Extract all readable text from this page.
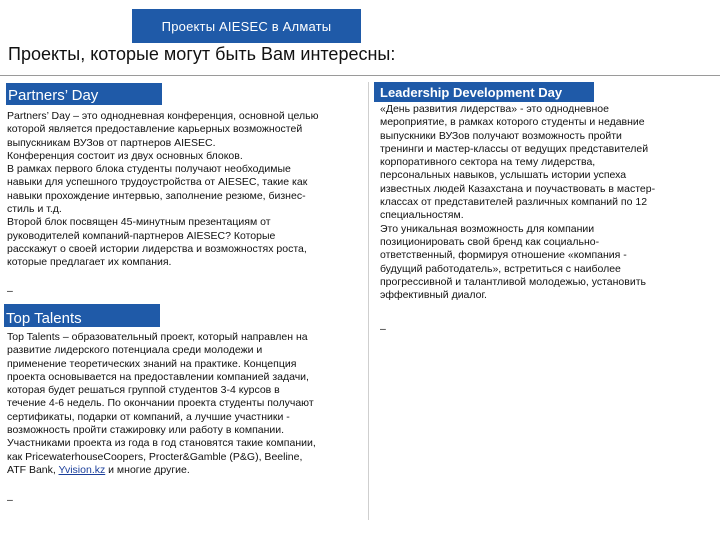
Проекты AIESEC в Алматы
Проекты, которые могут быть Вам интересны:
Partners’ Day
Partners’ Day – это однодневная конференция, основной целью
которой является предоставление карьерных возможностей
выпускникам ВУЗов от партнеров AIESEC.
Конференция состоит из двух основных блоков.
В рамках первого блока студенты получают необходимые
навыки для успешного трудоустройства от AIESEC, такие как
навыки прохождение интервью, заполнение резюме, бизнес-
стиль и т.д.
Второй блок посвящен 45-минутным презентациям от
руководителей компаний-партнеров AIESEC? Которые
расскажут о своей истории лидерства и возможностях роста,
которые предлагает их компания.
–
Top Talents
Top Talents – образовательный проект, который направлен на
развитие лидерского потенциала среди молодежи и
применение теоретических знаний на практике. Концепция
проекта основывается на предоставлении компанией задачи,
которая будет решаться группой студентов 3-4 курсов в
течение 4-6 недель. По окончании проекта студенты получают
сертификаты, подарки от компаний, а лучшие участники -
возможность пройти стажировку или работу в компании.
Участниками проекта из года в год становятся такие компании,
как PricewaterhouseCoopers, Procter&Gamble (P&G), Beeline,
ATF Bank, Yvision.kz и многие другие.
–
Leadership Development Day
«День развития лидерства» - это однодневное
мероприятие, в рамках которого студенты и недавние
выпускники ВУЗов получают возможность пройти
тренинги и мастер-классы от ведущих представителей
корпоративного сектора на тему лидерства,
персональных навыков, услышать истории успеха
известных людей Казахстана и поучаствовать в мастер-
классах от представителей различных компаний по 12
специальностям.
Это уникальная возможность для компании
позиционировать свой бренд как социально-
ответственный, формируя отношение «компания -
будущий работодатель», встретиться с наиболее
прогрессивной и талантливой молодежью, установить
эффективный диалог.
–
